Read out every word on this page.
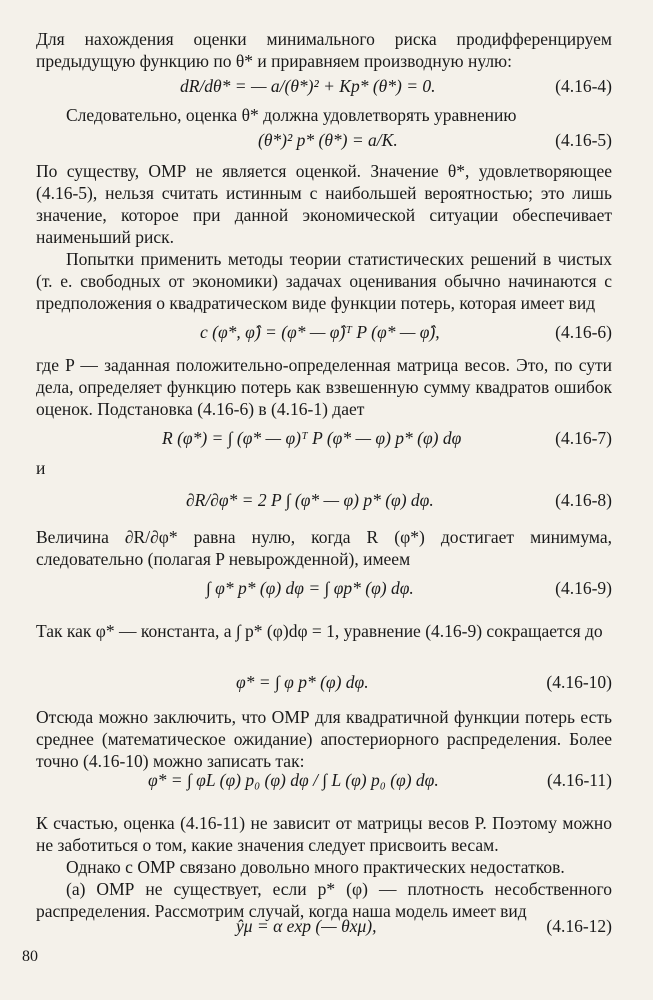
Для нахождения оценки минимального риска продифференцируем предыдущую функцию по θ* и приравняем производную нулю:

dR/dθ* = — a/(θ*)² + Kp* (θ*) = 0.	(4.16-4)

Следовательно, оценка θ* должна удовлетворять уравнению

(θ*)² p* (θ*) = a/K.	(4.16-5)

По существу, ОМР не является оценкой. Значение θ*, удовлетворяющее (4.16-5), нельзя считать истинным с наибольшей вероятностью; это лишь значение, которое при данной экономической ситуации обеспечивает наименьший риск.

Попытки применить методы теории статистических решений в чистых (т. е. свободных от экономики) задачах оценивания обычно начинаются с предположения о квадратическом виде функции потерь, которая имеет вид

c (φ*, φ̂) = (φ* — φ̂)ᵀ P (φ* — φ̂),	(4.16-6)

где P — заданная положительно-определенная матрица весов. Это, по сути дела, определяет функцию потерь как взвешенную сумму квадратов ошибок оценок. Подстановка (4.16-6) в (4.16-1) дает

R (φ*) = ∫ (φ* — φ)ᵀ P (φ* — φ) p* (φ) dφ	(4.16-7)
и
∂R/∂φ* = 2 P ∫ (φ* — φ) p* (φ) dφ.	(4.16-8)

Величина ∂R/∂φ* равна нулю, когда R (φ*) достигает минимума, следовательно (полагая P невырожденной), имеем

∫ φ* p* (φ) dφ = ∫ φp* (φ) dφ.	(4.16-9)

Так как φ* — константа, а ∫ p* (φ)dφ = 1, уравнение (4.16-9) сокращается до

φ* = ∫ φ p* (φ) dφ.	(4.16-10)

Отсюда можно заключить, что ОМР для квадратичной функции потерь есть среднее (математическое ожидание) апостериорного распределения. Более точно (4.16-10) можно записать так:

φ* = ∫ φL (φ) p₀ (φ) dφ / ∫ L (φ) p₀ (φ) dφ.	(4.16-11)

К счастью, оценка (4.16-11) не зависит от матрицы весов P. Поэтому можно не заботиться о том, какие значения следует присвоить весам.

Однако с ОМР связано довольно много практических недостатков.

(а) ОМР не существует, если p* (φ) — плотность несобственного распределения. Рассмотрим случай, когда наша модель имеет вид

ŷμ = α exp (— θxμ),	(4.16-12)
80
